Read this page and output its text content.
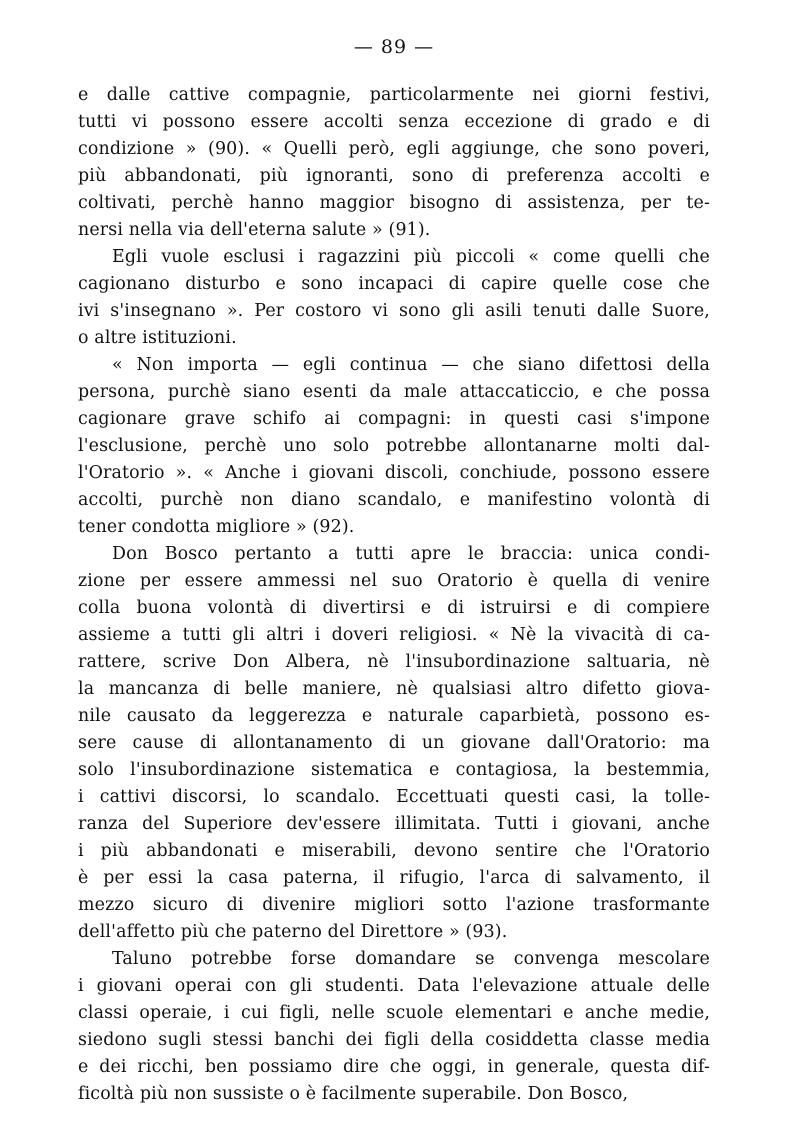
— 89 —
e dalle cattive compagnie, particolarmente nei giorni festivi,
tutti vi possono essere accolti senza eccezione di grado e di
condizione » (90). « Quelli però, egli aggiunge, che sono poveri,
più abbandonati, più ignoranti, sono di preferenza accolti e
coltivati, perchè hanno maggior bisogno di assistenza, per te-
nersi nella via dell'eterna salute » (91).
Egli vuole esclusi i ragazzini più piccoli « come quelli che
cagionano disturbo e sono incapaci di capire quelle cose che
ivi s'insegnano ». Per costoro vi sono gli asili tenuti dalle Suore,
o altre istituzioni.
« Non importa — egli continua — che siano difettosi della
persona, purchè siano esenti da male attaccaticcio, e che possa
cagionare grave schifo ai compagni: in questi casi s'impone
l'esclusione, perchè uno solo potrebbe allontanarne molti dal-
l'Oratorio ». « Anche i giovani discoli, conchiude, possono essere
accolti, purchè non diano scandalo, e manifestino volontà di
tener condotta migliore » (92).
Don Bosco pertanto a tutti apre le braccia: unica condi-
zione per essere ammessi nel suo Oratorio è quella di venire
colla buona volontà di divertirsi e di istruirsi e di compiere
assieme a tutti gli altri i doveri religiosi. « Nè la vivacità di ca-
rattere, scrive Don Albera, nè l'insubordinazione saltuaria, nè
la mancanza di belle maniere, nè qualsiasi altro difetto giova-
nile causato da leggerezza e naturale caparbietà, possono es-
sere cause di allontanamento di un giovane dall'Oratorio: ma
solo l'insubordinazione sistematica e contagiosa, la bestemmia,
i cattivi discorsi, lo scandalo. Eccettuati questi casi, la tolle-
ranza del Superiore dev'essere illimitata. Tutti i giovani, anche
i più abbandonati e miserabili, devono sentire che l'Oratorio
è per essi la casa paterna, il rifugio, l'arca di salvamento, il
mezzo sicuro di divenire migliori sotto l'azione trasformante
dell'affetto più che paterno del Direttore » (93).
Taluno potrebbe forse domandare se convenga mescolare
i giovani operai con gli studenti. Data l'elevazione attuale delle
classi operaie, i cui figli, nelle scuole elementari e anche medie,
siedono sugli stessi banchi dei figli della cosiddetta classe media
e dei ricchi, ben possiamo dire che oggi, in generale, questa dif-
ficoltà più non sussiste o è facilmente superabile. Don Bosco,
